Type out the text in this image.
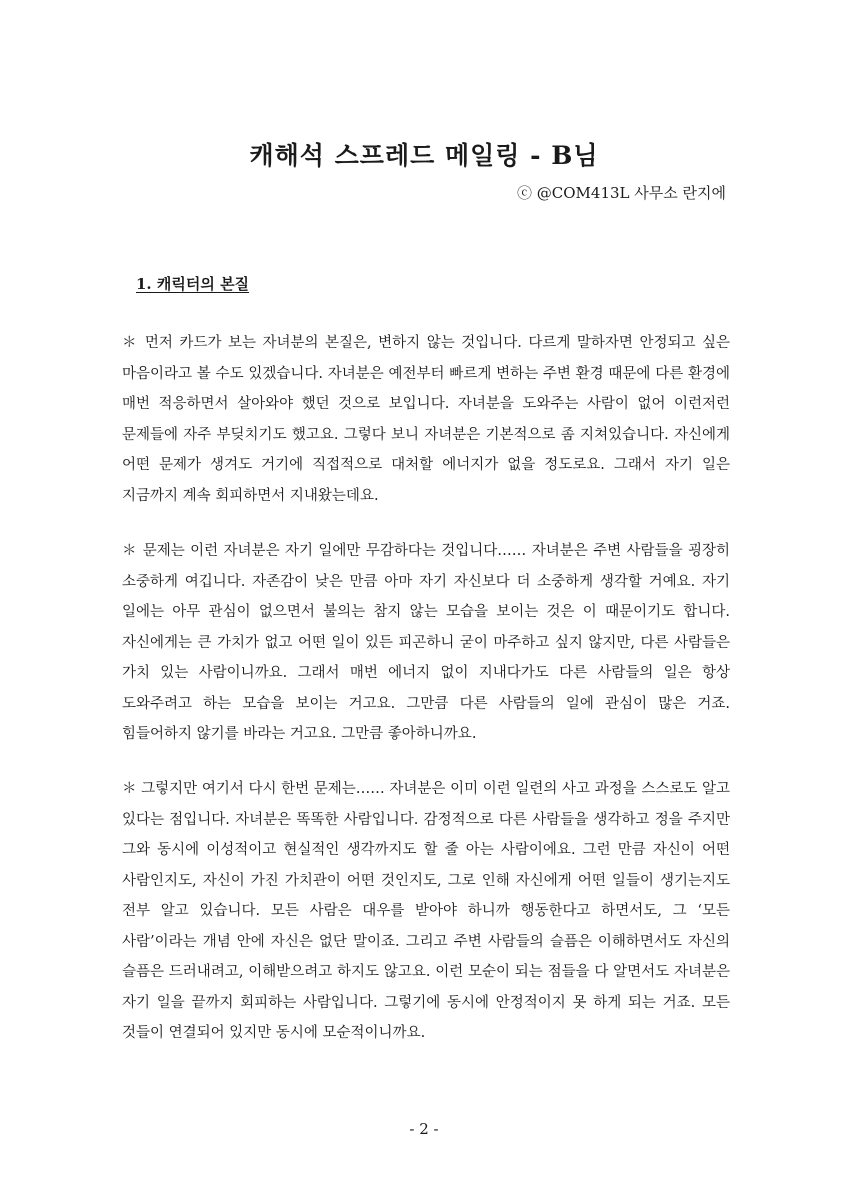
캐해석 스프레드 메일링 - B님

ⓒ @COM413L 사무소 란지에

1. 캐릭터의 본질

＊ 먼저 카드가 보는 자녀분의 본질은, 변하지 않는 것입니다. 다르게 말하자면 안정되고 싶은 마음이라고 볼 수도 있겠습니다. 자녀분은 예전부터 빠르게 변하는 주변 환경 때문에 다른 환경에 매번 적응하면서 살아와야 했던 것으로 보입니다. 자녀분을 도와주는 사람이 없어 이런저런 문제들에 자주 부딪치기도 했고요. 그렇다 보니 자녀분은 기본적으로 좀 지쳐있습니다. 자신에게 어떤 문제가 생겨도 거기에 직접적으로 대처할 에너지가 없을 정도로요. 그래서 자기 일은 지금까지 계속 회피하면서 지내왔는데요.

＊ 문제는 이런 자녀분은 자기 일에만 무감하다는 것입니다…… 자녀분은 주변 사람들을 굉장히 소중하게 여깁니다. 자존감이 낮은 만큼 아마 자기 자신보다 더 소중하게 생각할 거예요. 자기 일에는 아무 관심이 없으면서 불의는 참지 않는 모습을 보이는 것은 이 때문이기도 합니다. 자신에게는 큰 가치가 없고 어떤 일이 있든 피곤하니 굳이 마주하고 싶지 않지만, 다른 사람들은 가치 있는 사람이니까요. 그래서 매번 에너지 없이 지내다가도 다른 사람들의 일은 항상 도와주려고 하는 모습을 보이는 거고요. 그만큼 다른 사람들의 일에 관심이 많은 거죠. 힘들어하지 않기를 바라는 거고요. 그만큼 좋아하니까요.

＊ 그렇지만 여기서 다시 한번 문제는…… 자녀분은 이미 이런 일련의 사고 과정을 스스로도 알고 있다는 점입니다. 자녀분은 똑똑한 사람입니다. 감정적으로 다른 사람들을 생각하고 정을 주지만 그와 동시에 이성적이고 현실적인 생각까지도 할 줄 아는 사람이에요. 그런 만큼 자신이 어떤 사람인지도, 자신이 가진 가치관이 어떤 것인지도, 그로 인해 자신에게 어떤 일들이 생기는지도 전부 알고 있습니다. 모든 사람은 대우를 받아야 하니까 행동한다고 하면서도, 그 ‘모든 사람’이라는 개념 안에 자신은 없단 말이죠. 그리고 주변 사람들의 슬픔은 이해하면서도 자신의 슬픔은 드러내려고, 이해받으려고 하지도 않고요. 이런 모순이 되는 점들을 다 알면서도 자녀분은 자기 일을 끝까지 회피하는 사람입니다. 그렇기에 동시에 안정적이지 못 하게 되는 거죠. 모든 것들이 연결되어 있지만 동시에 모순적이니까요.

- 2 -
